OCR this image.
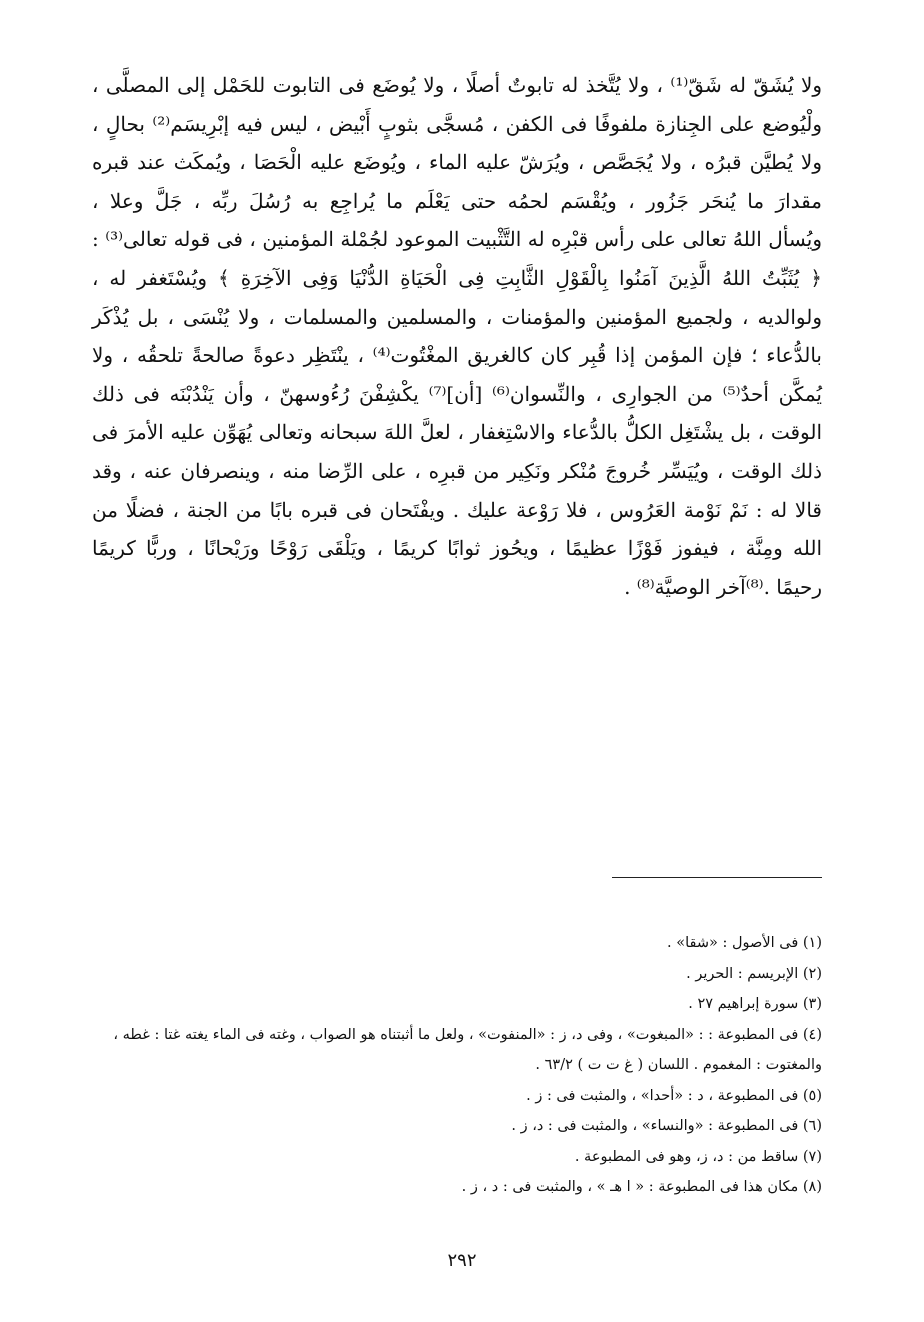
ولا يُشَقّ له شَقّ⁽¹⁾ ، ولا يُتَّخذ له تابوتٌ أصلًا ، ولا يُوضَع فى التابوت للحَمْل إلى المصلَّى ،
ولْيُوضع على الجِنازة ملفوفًا فى الكفن ، مُسجَّى بثوبٍ أَبْيض ، ليس فيه إبْرِيسَم⁽²⁾ بحالٍ ،
ولا يُطيَّن قبرُه ، ولا يُجَصَّص ، ويُرَشّ عليه الماء ، ويُوضَع عليه الْحَصَا ، ويُمكَث عند قبره
مقدارَ ما يُنحَر جَزُور ، ويُقْسَم لحمُه حتى يَعْلَم ما يُراجِع به رُسُلَ ربِّه ، جَلَّ وعلا ،
ويُسأل اللهُ تعالى على رأس قبْرِه له التَّثْبيت الموعود لجُمْلة المؤمنين ، فى قوله تعالى⁽³⁾ :
﴿ يُثَبِّتُ اللهُ الَّذِينَ آمَنُوا بِالْقَوْلِ الثَّابِتِ فِى الْحَيَاةِ الدُّنْيَا وَفِى الآخِرَةِ ﴾ ويُسْتَغفر له ،
ولوالديه ، ولجميع المؤمنين والمؤمنات ، والمسلمين والمسلمات ، ولا يُنْسَى ، بل يُذْكَر
بالدُّعاء ؛ فإن المؤمن إذا قُبِر كان كالغريق المغْتُوت⁽⁴⁾ ، ينْتَظِر دعوةً صالحةً تلحقُه ، ولا
يُمكَّن أحدٌ⁽⁵⁾ من الجوارِى ، والنِّسوان⁽⁶⁾ [أن]⁽⁷⁾ يكْشِفْنَ رُءُوسهنّ ، وأن يَنْدُبْنَه فى ذلك
الوقت ، بل يشْتَغِل الكلُّ بالدُّعاء والاسْتِغفار ، لعلَّ اللهَ سبحانه وتعالى يُهَوِّن عليه الأمرَ فى
ذلك الوقت ، ويُيَسِّر خُروجَ مُنْكر ونَكِير من قبرِه ، على الرِّضا منه ، وينصرفان عنه ، وقد
قالا له : نَمْ نَوْمة العَرُوس ، فلا رَوْعة عليك . ويفْتَحان فى قبره بابًا من الجنة ، فضلًا من
الله ومِنَّة ، فيفوز فَوْزًا عظيمًا ، ويحُوز ثوابًا كريمًا ، ويَلْقَى رَوْحًا ورَيْحانًا ، وربًّا كريمًا
رحيمًا .⁽⁸⁾آخر الوصيَّة⁽⁸⁾ .
(١) فى الأصول : «شقا» .
(٢) الإبريسم : الحرير .
(٣) سورة إبراهيم ٢٧ .
(٤) فى المطبوعة : : «المبغوت» ، وفى د، ز : «المنفوت» ، ولعل ما أثبتناه هو الصواب ، وغته فى الماء يغته غتا : غطه ،
والمغتوت : المغموم . اللسان ( غ ت ت ) ٦٣/٢ .
(٥) فى المطبوعة ، د : «أحدا» ، والمثبت فى : ز .
(٦) فى المطبوعة : «والنساء» ، والمثبت فى : د، ز .
(٧) ساقط من : د، ز، وهو فى المطبوعة .
(٨) مكان هذا فى المطبوعة : « ا هـ » ، والمثبت فى : د ، ز .
٢٩٢
